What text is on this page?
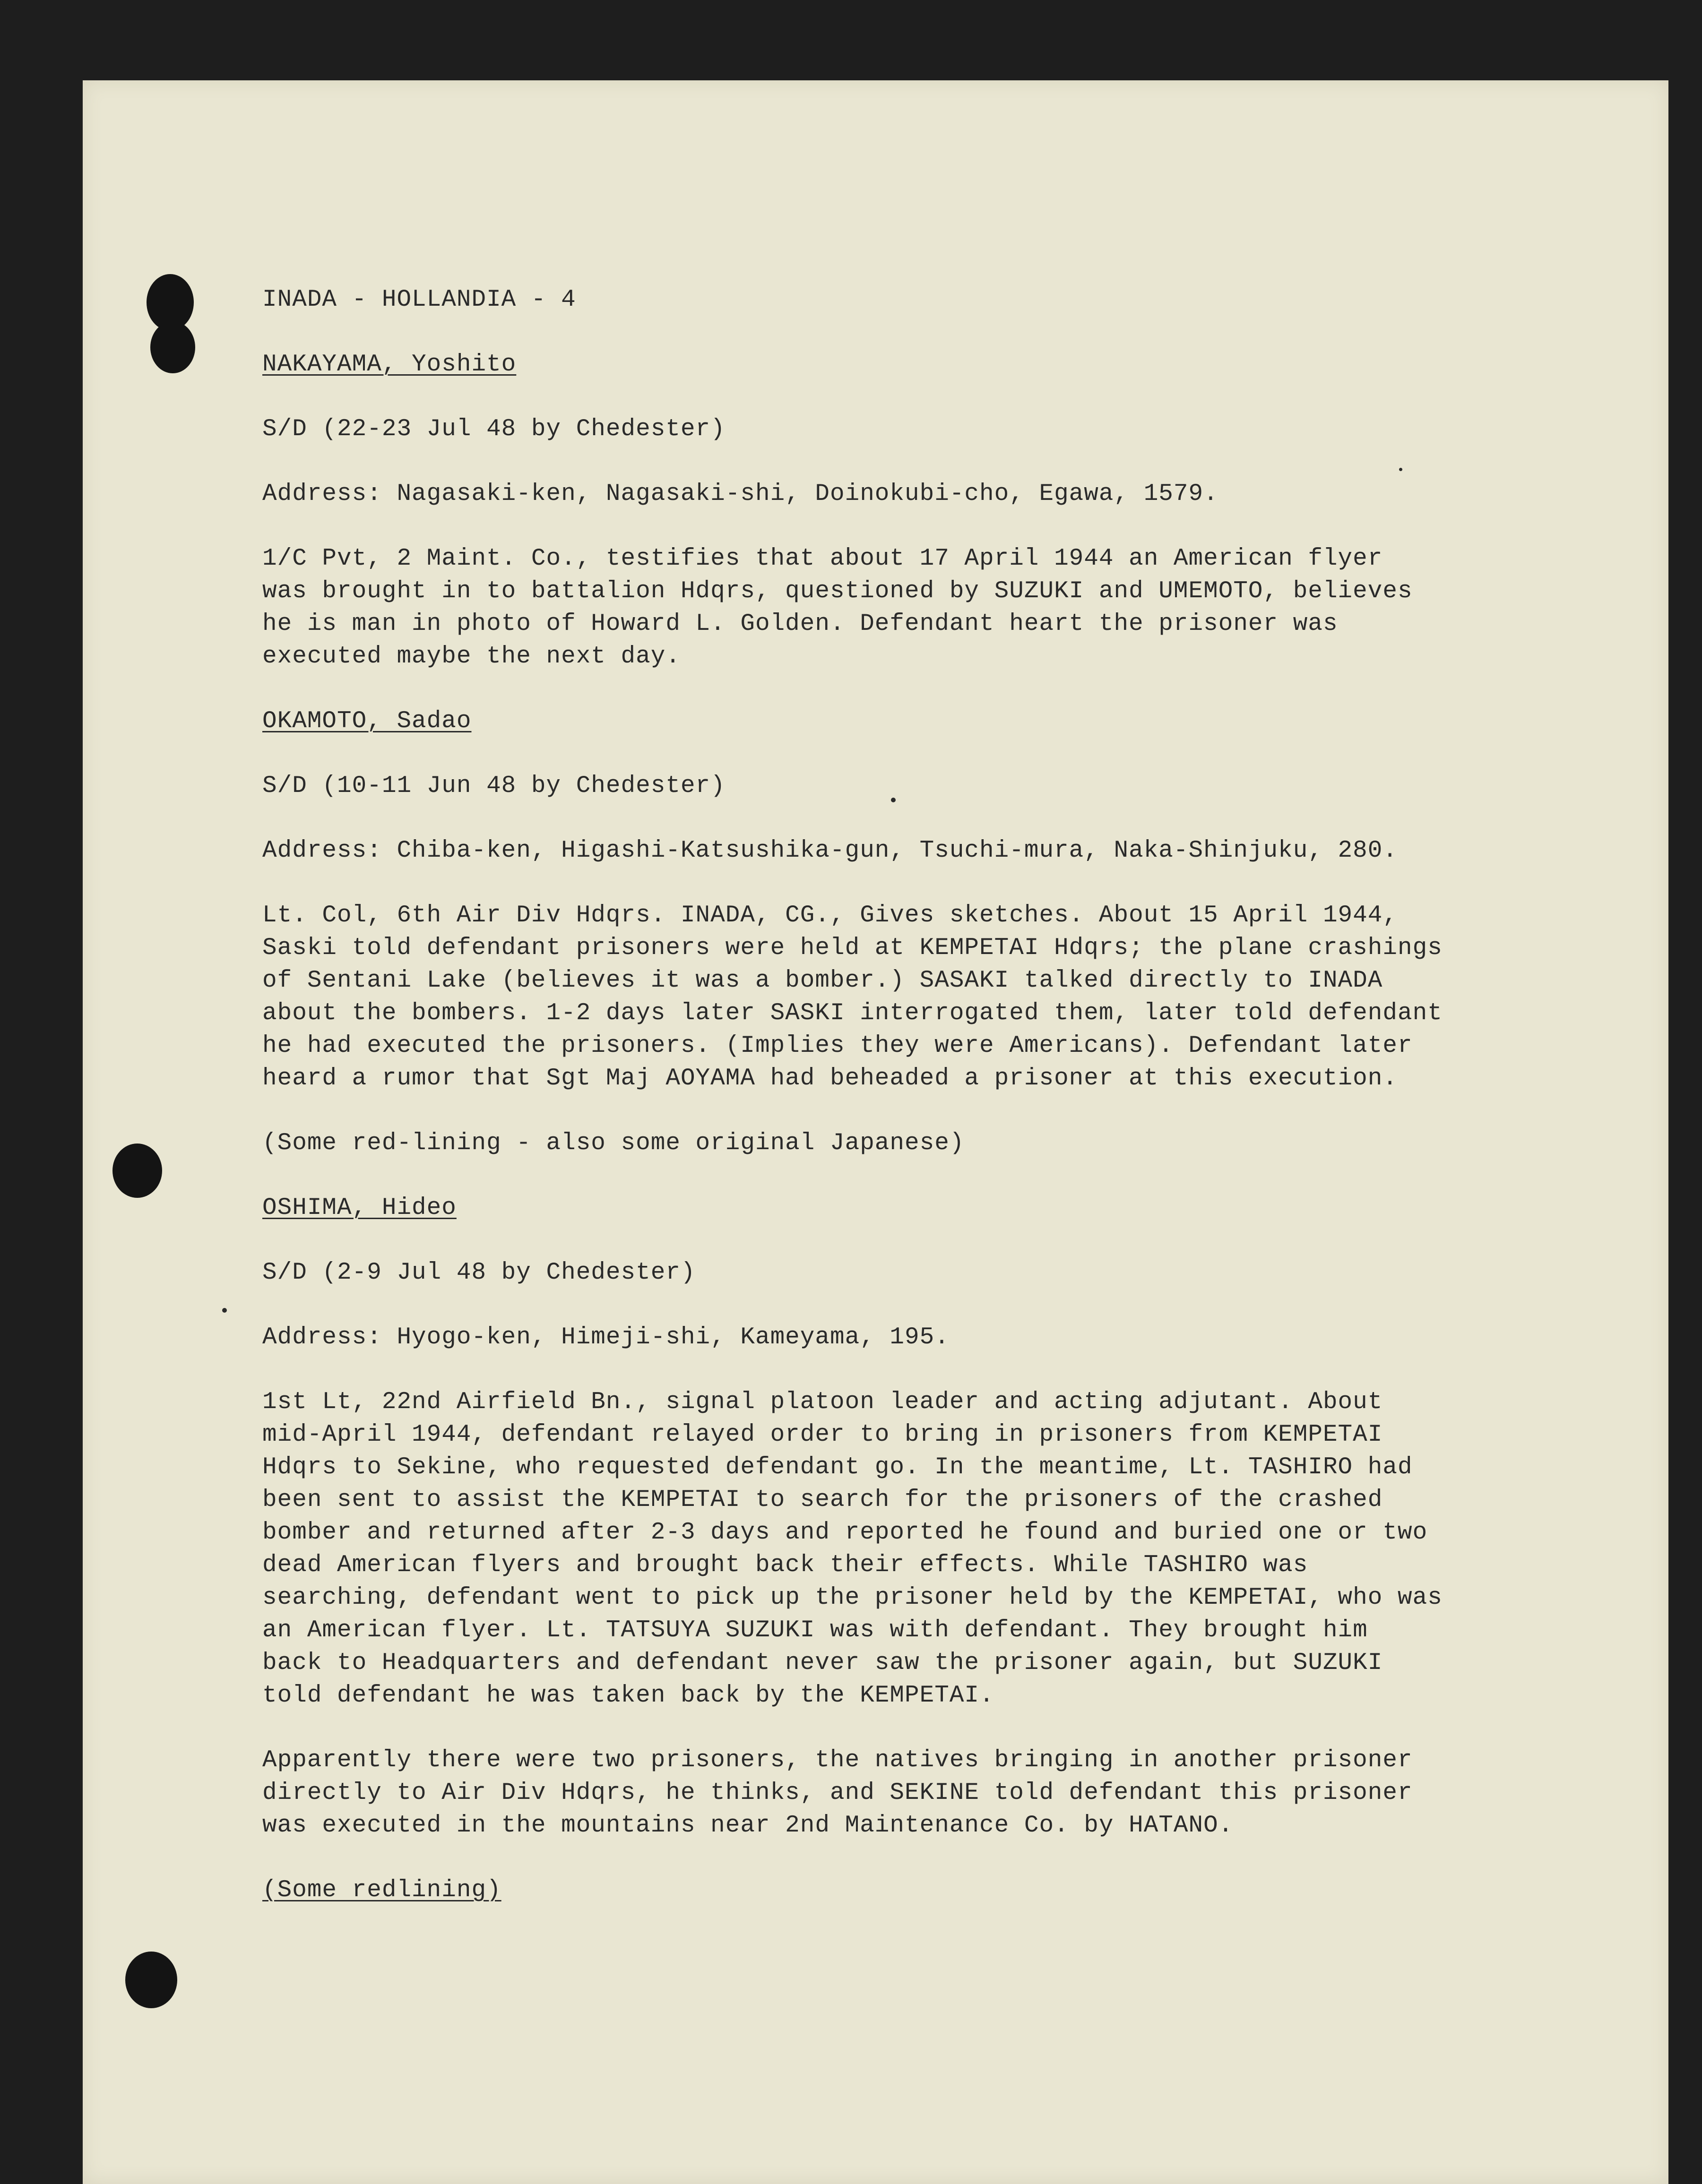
INADA - HOLLANDIA - 4
NAKAYAMA, Yoshito
S/D (22-23 Jul 48 by Chedester)
Address: Nagasaki-ken, Nagasaki-shi, Doinokubi-cho, Egawa, 1579.
1/C Pvt, 2 Maint. Co., testifies that about 17 April 1944 an American flyer
was brought in to battalion Hdqrs, questioned by SUZUKI and UMEMOTO, believes
he is man in photo of Howard L. Golden. Defendant heart the prisoner was
executed maybe the next day.
OKAMOTO, Sadao
S/D (10-11 Jun 48 by Chedester)
Address: Chiba-ken, Higashi-Katsushika-gun, Tsuchi-mura, Naka-Shinjuku, 280.
Lt. Col, 6th Air Div Hdqrs. INADA, CG., Gives sketches. About 15 April 1944,
Saski told defendant prisoners were held at KEMPETAI Hdqrs; the plane crashings
of Sentani Lake (believes it was a bomber.) SASAKI talked directly to INADA
about the bombers. 1-2 days later SASKI interrogated them, later told defendant
he had executed the prisoners. (Implies they were Americans). Defendant later
heard a rumor that Sgt Maj AOYAMA had beheaded a prisoner at this execution.
(Some red-lining - also some original Japanese)
OSHIMA, Hideo
S/D (2-9 Jul 48 by Chedester)
Address: Hyogo-ken, Himeji-shi, Kameyama, 195.
1st Lt, 22nd Airfield Bn., signal platoon leader and acting adjutant. About
mid-April 1944, defendant relayed order to bring in prisoners from KEMPETAI
Hdqrs to Sekine, who requested defendant go. In the meantime, Lt. TASHIRO had
been sent to assist the KEMPETAI to search for the prisoners of the crashed
bomber and returned after 2-3 days and reported he found and buried one or two
dead American flyers and brought back their effects. While TASHIRO was
searching, defendant went to pick up the prisoner held by the KEMPETAI, who was
an American flyer. Lt. TATSUYA SUZUKI was with defendant. They brought him
back to Headquarters and defendant never saw the prisoner again, but SUZUKI
told defendant he was taken back by the KEMPETAI.
Apparently there were two prisoners, the natives bringing in another prisoner
directly to Air Div Hdqrs, he thinks, and SEKINE told defendant this prisoner
was executed in the mountains near 2nd Maintenance Co. by HATANO.
(Some redlining)
